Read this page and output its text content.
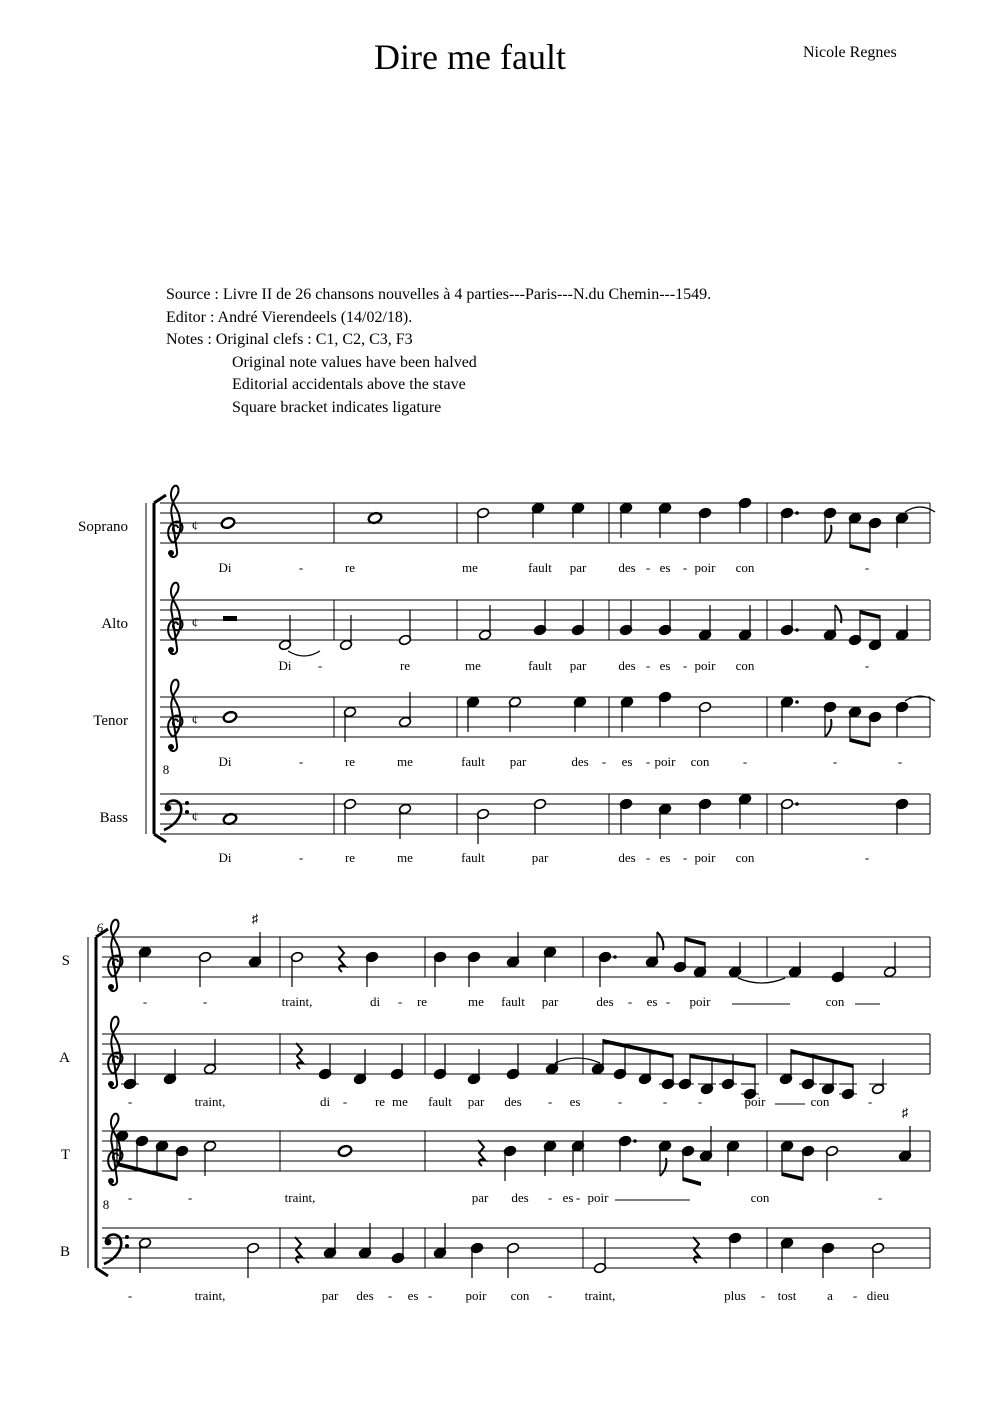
Dire me fault	Nicole Regnes
Source : Livre II de 26 chansons nouvelles à 4 parties---Paris---N.du Chemin---1549.
Editor : André Vierendeels (14/02/18).
Notes : Original clefs : C1, C2, C3, F3
Original note values have been halved
Editorial accidentals above the stave
Square bracket indicates ligature
¢
Soprano
¢
Alto
¢
Tenor
¢
Bass
8
Di	-	re	me	fault par des - es - poir con	-
Di -	re	me	fault par des - es - poir con	-
Di	-	re	me	fault par	des - es - poir con	-	-	-
Di	-	re	me	fault	par	des - es - poir con	-
S
A
T
B
8
6
♯
♯
-	-	traint,	di - re	me fault par	des - es - poir	con
-	traint,	di - re me fault par des - es	-	- -	poir	con	-
-	-	traint,	par des - es - poir	con	-
-	traint,	par des - es -	poir con - traint,	plus - tost a - dieu
